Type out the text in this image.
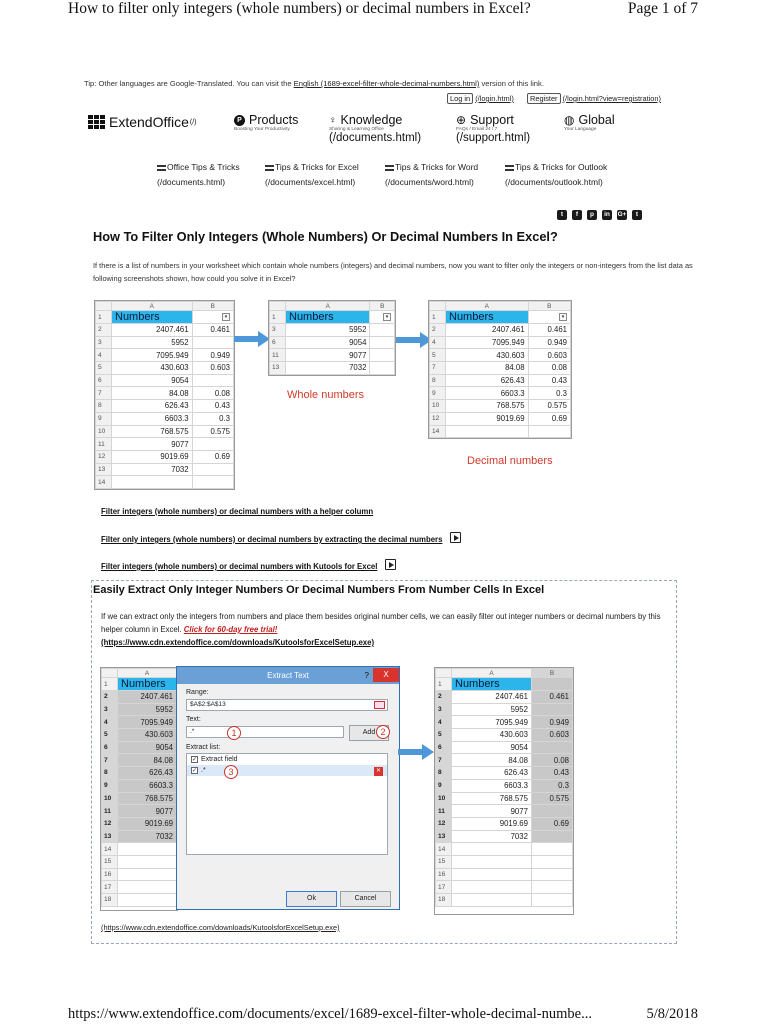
How to filter only integers (whole numbers) or decimal numbers in Excel?	Page 1 of 7
Tip: Other languages are Google-Translated. You can visit the English (1689-excel-filter-whole-decimal-numbers.html) version of this link.
Log in (/login.html)	Register (/login.html?view=registration)
ExtendOffice (/)	P Products
Boosting Your Productivity
♀ Knowledge
Sharing & Learning Office
(/documents.html)
⊕ Support
FAQs / Email 24 / 7
(/support.html)
◍ Global
Your Language
Office Tips & Tricks
(/documents.html)
Tips & Tricks for Excel
(/documents/excel.html)
Tips & Tricks for Word
(/documents/word.html)
Tips & Tricks for Outlook
(/documents/outlook.html)
t	f	p	in	G+	t
How To Filter Only Integers (Whole Numbers) Or Decimal Numbers In Excel?
If there is a list of numbers in your worksheet which contain whole numbers (integers) and decimal numbers, now you want to filter only the integers or non-integers from the list data as following screenshots shown, how could you solve it in Excel?
	A	B
1	Numbers	▾

2	2407.461	0.461
3	5952	
4	7095.949	0.949
5	430.603	0.603
6	9054	
7	84.08	0.08
8	626.43	0.43
9	6603.3	0.3
10	768.575	0.575
11	9077	
12	9019.69	0.69
13	7032	
14		
	A	B
1	Numbers	▾

3	5952	
6	9054	
11	9077	
13	7032	
Whole numbers
	A	B
1	Numbers	▾

2	2407.461	0.461
4	7095.949	0.949
5	430.603	0.603
7	84.08	0.08
8	626.43	0.43
9	6603.3	0.3
10	768.575	0.575
12	9019.69	0.69
14		
Decimal numbers
Filter integers (whole numbers) or decimal numbers with a helper column
Filter only integers (whole numbers) or decimal numbers by extracting the decimal numbers
Filter integers (whole numbers) or decimal numbers with Kutools for Excel
Easily Extract Only Integer Numbers Or Decimal Numbers From Number Cells In Excel
If we can extract only the integers from numbers and place them besides original number cells, we can easily filter out integer numbers or decimal numbers by this helper column in Excel. Click for 60-day free trial!
(https://www.cdn.extendoffice.com/downloads/KutoolsforExcelSetup.exe)
	A
1	Numbers
2	2407.461
3	5952
4	7095.949
5	430.603
6	9054
7	84.08
8	626.43
9	6603.3
10	768.575
11	9077
12	9019.69
13	7032
14	
15	
16	
17	
18	
Extract Text	?	X
Range:
$A$2:$A$13
Text:
.*	1	Add 2
Extract list:
✓ Extract field
✓ .*	✕
3
Ok	Cancel
	A	B
1	Numbers	
2	2407.461	0.461
3	5952	
4	7095.949	0.949
5	430.603	0.603
6	9054	
7	84.08	0.08
8	626.43	0.43
9	6603.3	0.3
10	768.575	0.575
11	9077	
12	9019.69	0.69
13	7032	
14		
15		
16		
17		
18		
(https://www.cdn.extendoffice.com/downloads/KutoolsforExcelSetup.exe)
https://www.extendoffice.com/documents/excel/1689-excel-filter-whole-decimal-numbe...	5/8/2018
